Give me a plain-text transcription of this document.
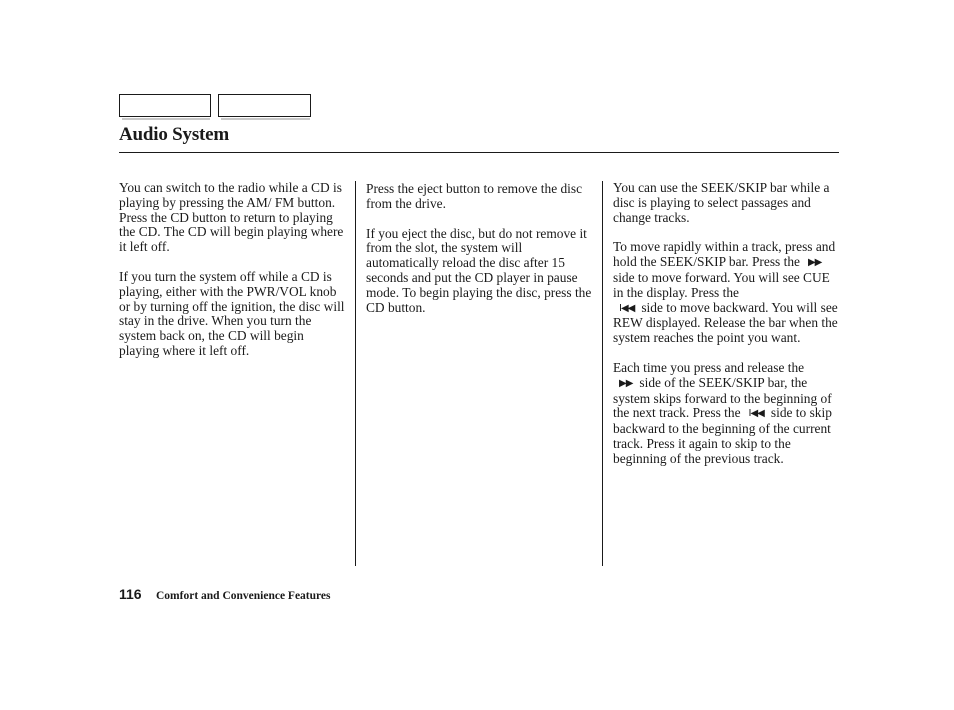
Audio System

You can switch to the radio while a CD is playing by pressing the AM/ FM button. Press the CD button to return to playing the CD. The CD will begin playing where it left off.

If you turn the system off while a CD is playing, either with the PWR/VOL knob or by turning off the ignition, the disc will stay in the drive. When you turn the system back on, the CD will begin playing where it left off.

Press the eject button to remove the disc from the drive.

If you eject the disc, but do not remove it from the slot, the system will automatically reload the disc after 15 seconds and put the CD player in pause mode. To begin playing the disc, press the CD button.

You can use the SEEK/SKIP bar while a disc is playing to select passages and change tracks.

To move rapidly within a track, press and hold the SEEK/SKIP bar. Press the ▶▶side to move forward. You will see CUE in the display. Press the
I◀◀ side to move backward. You will see REW displayed. Release the bar when the system reaches the point you want.

Each time you press and release the
▶▶ side of the SEEK/SKIP bar, the system skips forward to the beginning of the next track. Press the I◀◀ side to skip backward to the beginning of the current track. Press it again to skip to the beginning of the previous track.

116 Comfort and Convenience Features
